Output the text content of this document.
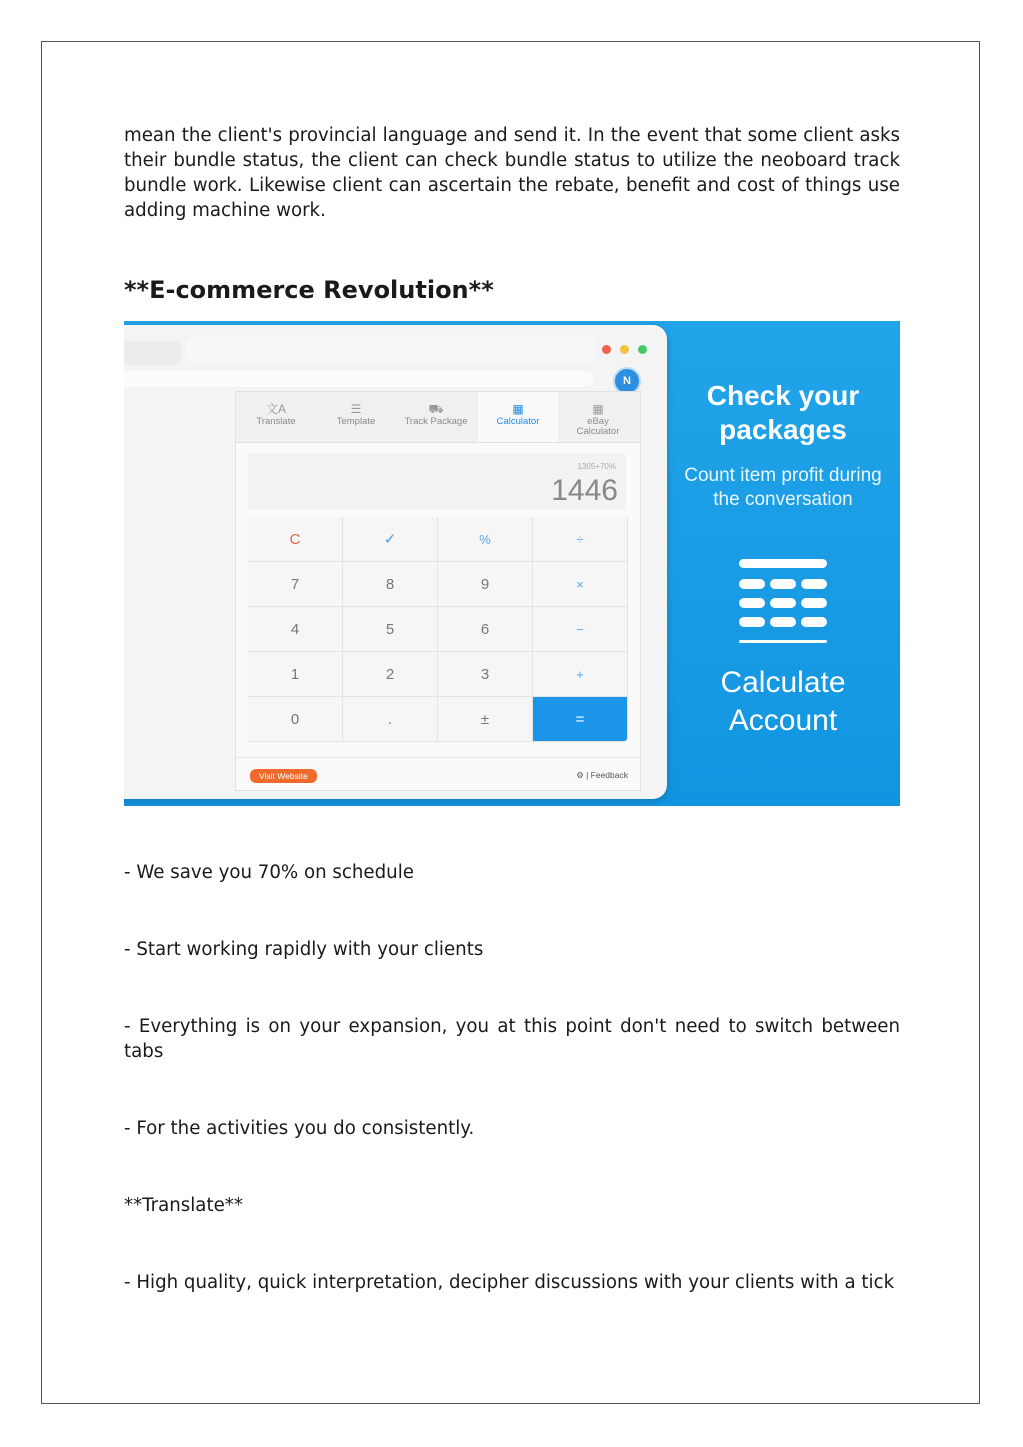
mean the client's provincial language and send it. In the event that some client asks their bundle status, the client can check bundle status to utilize the neoboard track bundle work. Likewise client can ascertain the rebate, benefit and cost of things use adding machine work.

**E-commerce Revolution**
N
文A
Translate
☰
Template
⛟
Track Package
▦
Calculator
▦
eBay Calculator
1305+70%
1446
C	✓	%	÷
7	8	9	×
4	5	6	−
1	2	3	+
0	.	±	=
Visit Website	⚙ | Feedback
Check your packages
Count item profit during the conversation
Calculate Account

- We save you 70% on schedule

- Start working rapidly with your clients

- Everything is on your expansion, you at this point don't need to switch between tabs

- For the activities you do consistently.

**Translate**

- High quality, quick interpretation, decipher discussions with your clients with a tick
